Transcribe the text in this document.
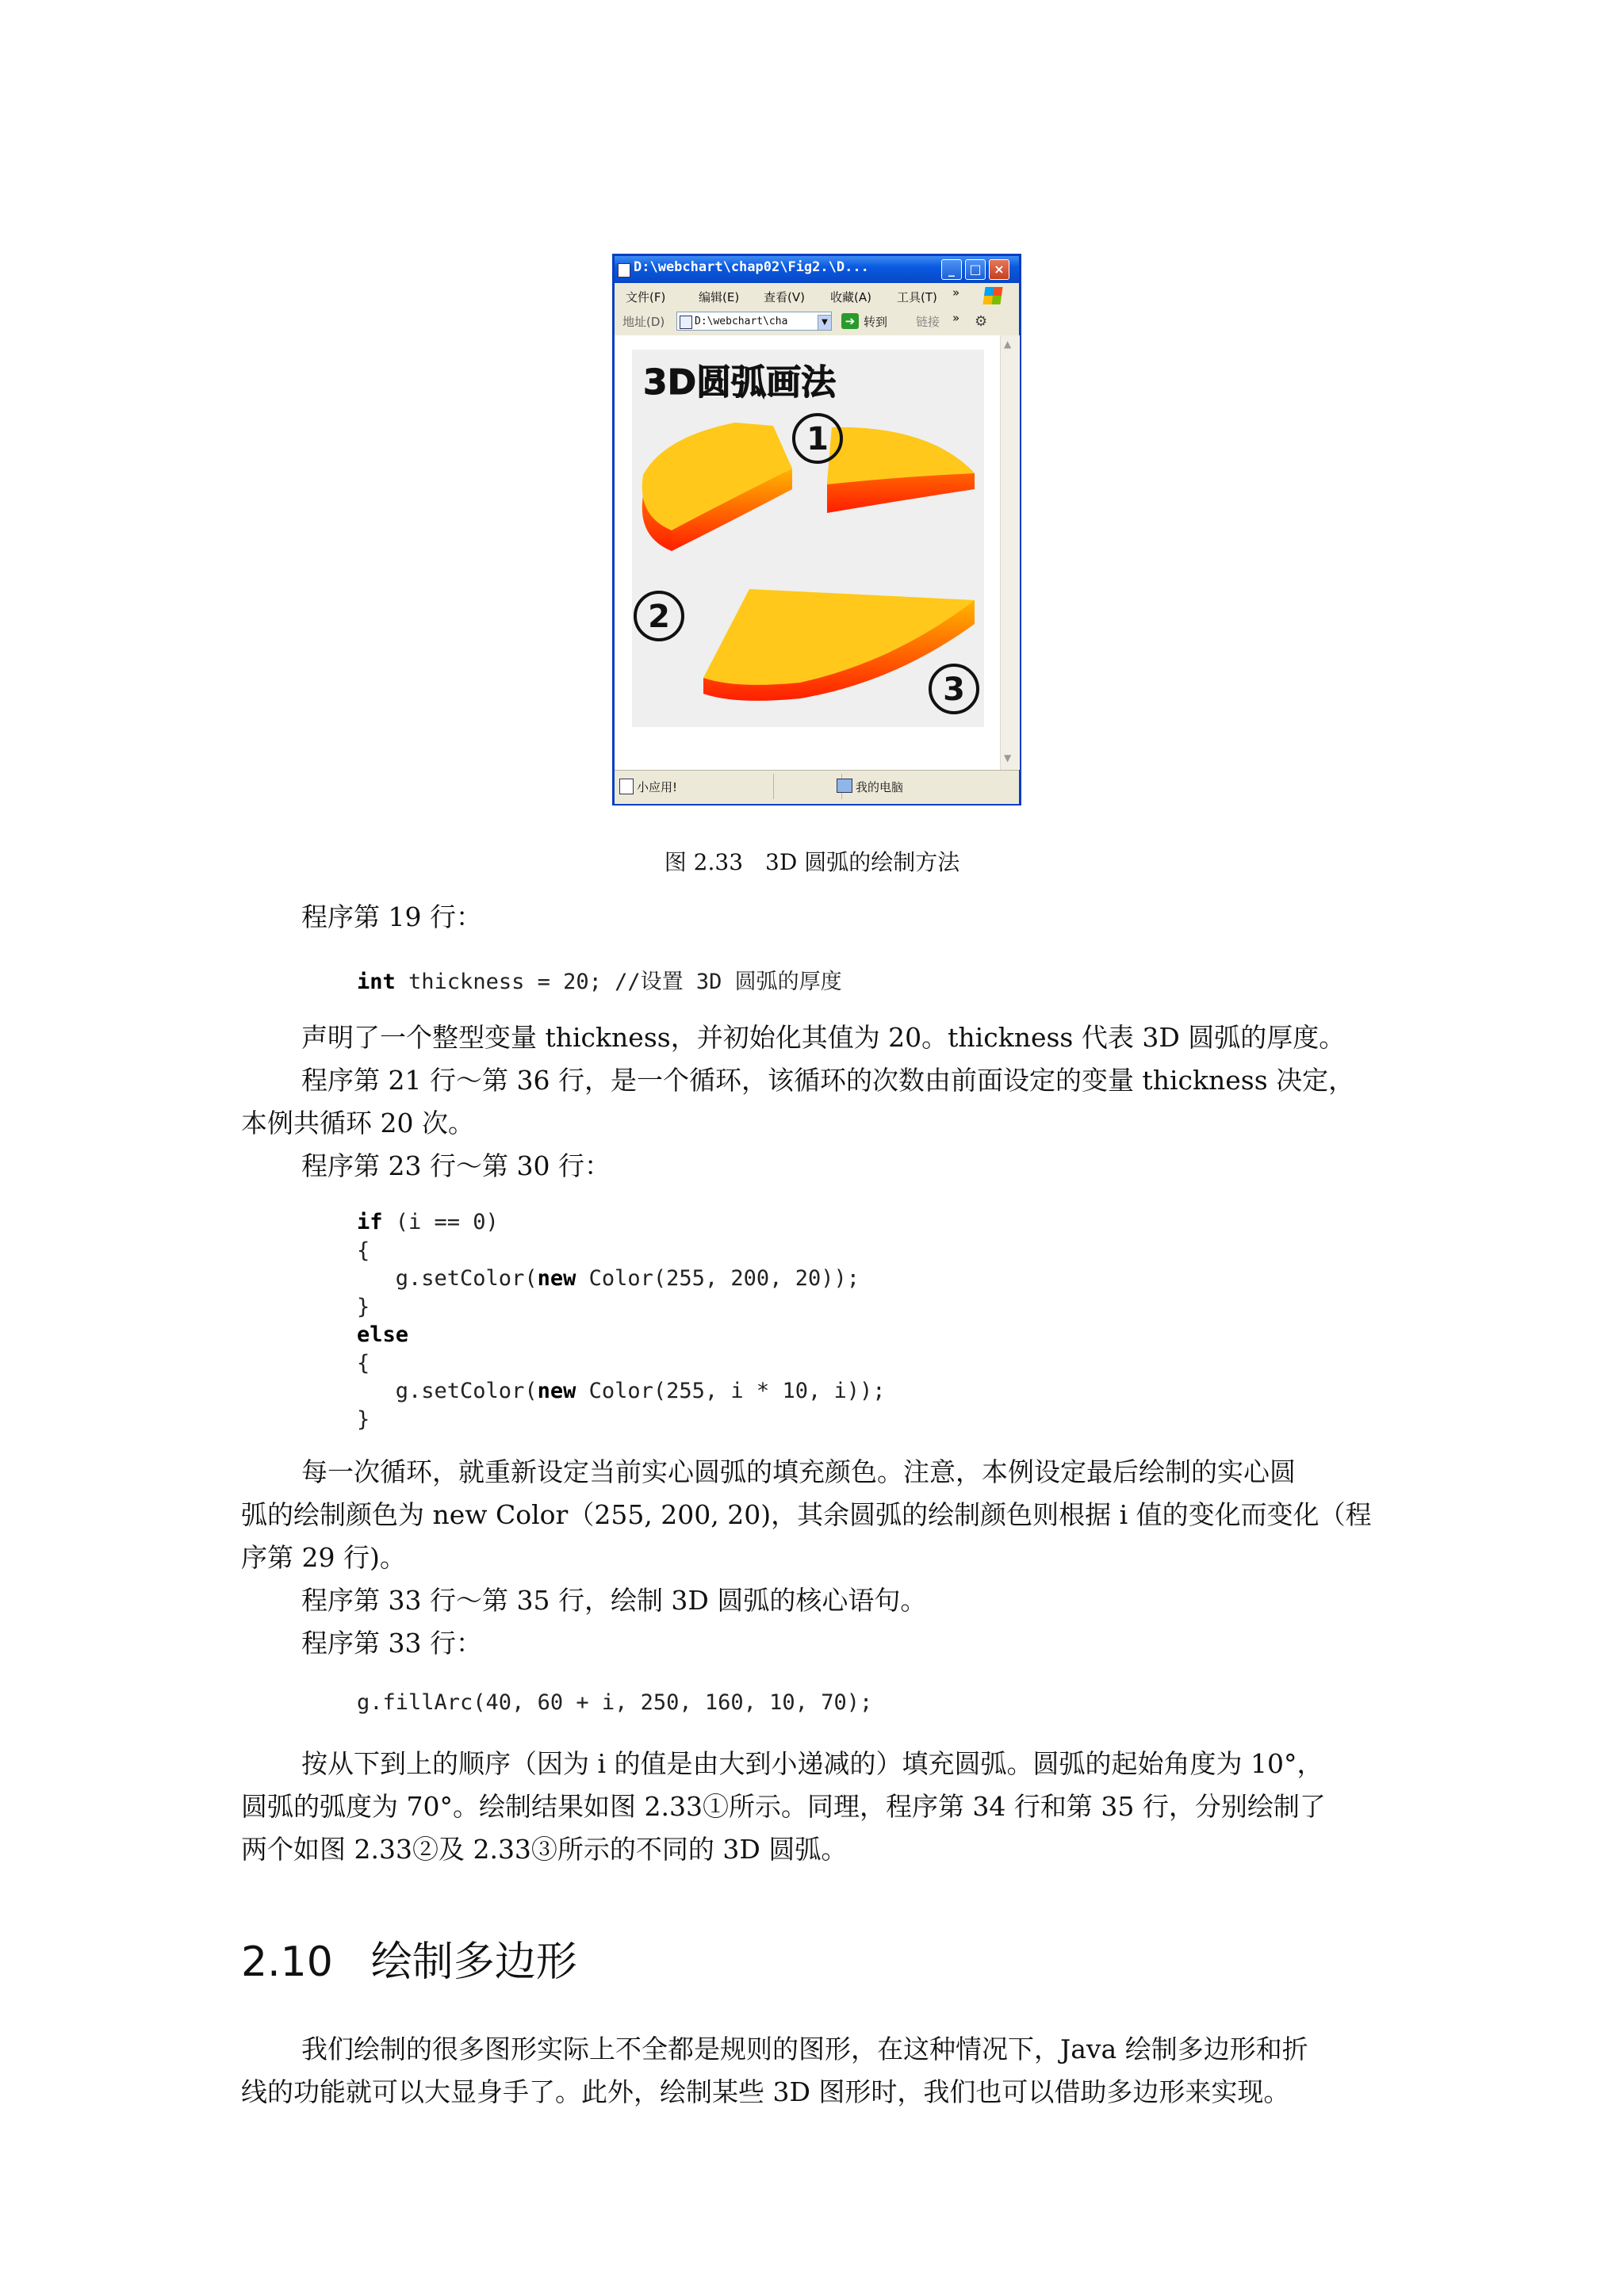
D:\webchart\chap02\Fig2.\D...	_	□ ×
文件(F)	编辑(E) 查看(V) 收藏(A) 工具(T) »
地址(D)	D:\webchart\cha	▼	➔ 转到 链接 » ⚙
3D圆弧画法
1
2
3
▲
▼
小应用!	我的电脑
图 2.33　3D 圆弧的绘制方法
程序第 19 行：
int thickness = 20; //设置 3D 圆弧的厚度
声明了一个整型变量 thickness，并初始化其值为 20。thickness 代表 3D 圆弧的厚度。
程序第 21 行～第 36 行，是一个循环，该循环的次数由前面设定的变量 thickness 决定，
本例共循环 20 次。
程序第 23 行～第 30 行：
if (i == 0)
{
g.setColor(new Color(255, 200, 20));
}
else
{
g.setColor(new Color(255, i * 10, i));
}
每一次循环，就重新设定当前实心圆弧的填充颜色。注意，本例设定最后绘制的实心圆
弧的绘制颜色为 new Color（255, 200, 20)，其余圆弧的绘制颜色则根据 i 值的变化而变化（程
序第 29 行)。
程序第 33 行～第 35 行，绘制 3D 圆弧的核心语句。
程序第 33 行：
g.fillArc(40, 60 + i, 250, 160, 10, 70);
按从下到上的顺序（因为 i 的值是由大到小递减的）填充圆弧。圆弧的起始角度为 10°，
圆弧的弧度为 70°。绘制结果如图 2.33①所示。同理，程序第 34 行和第 35 行，分别绘制了
两个如图 2.33②及 2.33③所示的不同的 3D 圆弧。
2.10 绘制多边形
我们绘制的很多图形实际上不全都是规则的图形，在这种情况下，Java 绘制多边形和折
线的功能就可以大显身手了。此外，绘制某些 3D 图形时，我们也可以借助多边形来实现。
